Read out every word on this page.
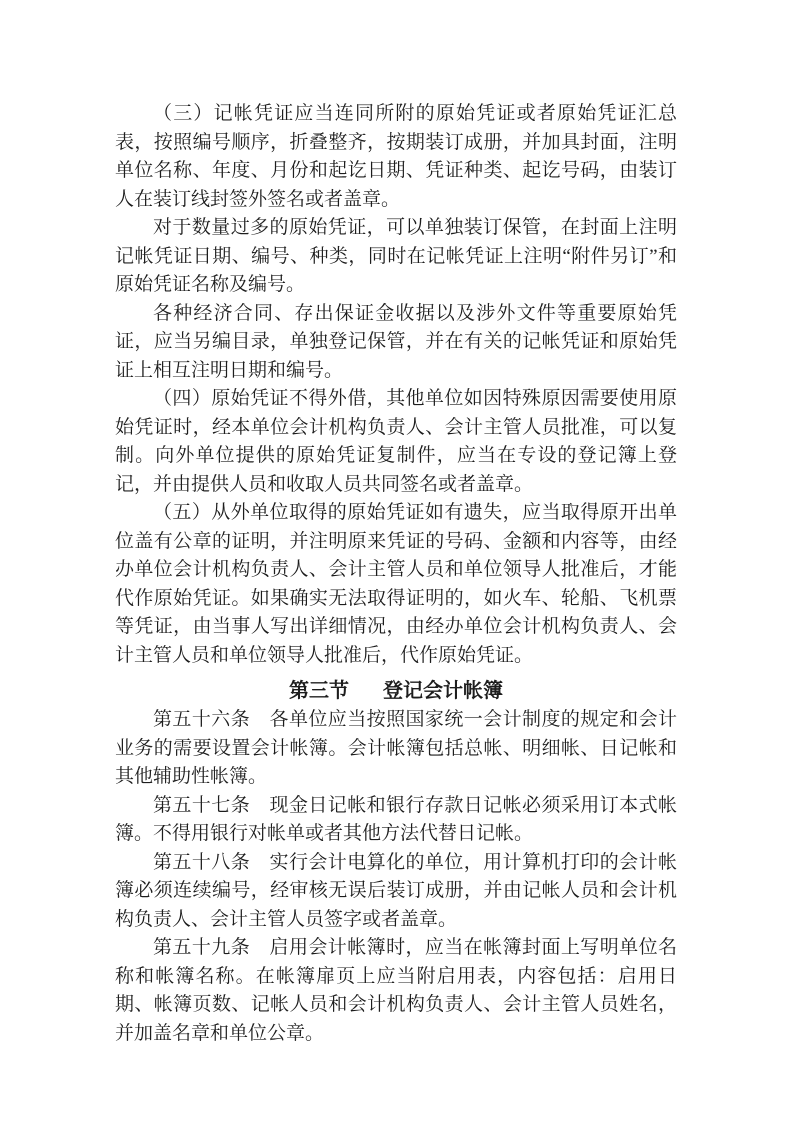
（三）记帐凭证应当连同所附的原始凭证或者原始凭证汇总表，按照编号顺序，折叠整齐，按期装订成册，并加具封面，注明单位名称、年度、月份和起讫日期、凭证种类、起讫号码，由装订人在装订线封签外签名或者盖章。

对于数量过多的原始凭证，可以单独装订保管，在封面上注明记帐凭证日期、编号、种类，同时在记帐凭证上注明“附件另订”和原始凭证名称及编号。

各种经济合同、存出保证金收据以及涉外文件等重要原始凭证，应当另编目录，单独登记保管，并在有关的记帐凭证和原始凭证上相互注明日期和编号。

（四）原始凭证不得外借，其他单位如因特殊原因需要使用原始凭证时，经本单位会计机构负责人、会计主管人员批准，可以复制。向外单位提供的原始凭证复制件，应当在专设的登记簿上登记，并由提供人员和收取人员共同签名或者盖章。

（五）从外单位取得的原始凭证如有遗失，应当取得原开出单位盖有公章的证明，并注明原来凭证的号码、金额和内容等，由经办单位会计机构负责人、会计主管人员和单位领导人批准后，才能代作原始凭证。如果确实无法取得证明的，如火车、轮船、飞机票等凭证，由当事人写出详细情况，由经办单位会计机构负责人、会计主管人员和单位领导人批准后，代作原始凭证。

第三节 登记会计帐簿

第五十六条　各单位应当按照国家统一会计制度的规定和会计业务的需要设置会计帐簿。会计帐簿包括总帐、明细帐、日记帐和其他辅助性帐簿。

第五十七条　现金日记帐和银行存款日记帐必须采用订本式帐簿。不得用银行对帐单或者其他方法代替日记帐。

第五十八条　实行会计电算化的单位，用计算机打印的会计帐簿必须连续编号，经审核无误后装订成册，并由记帐人员和会计机构负责人、会计主管人员签字或者盖章。

第五十九条　启用会计帐簿时，应当在帐簿封面上写明单位名称和帐簿名称。在帐簿扉页上应当附启用表，内容包括：启用日期、帐簿页数、记帐人员和会计机构负责人、会计主管人员姓名，并加盖名章和单位公章。
